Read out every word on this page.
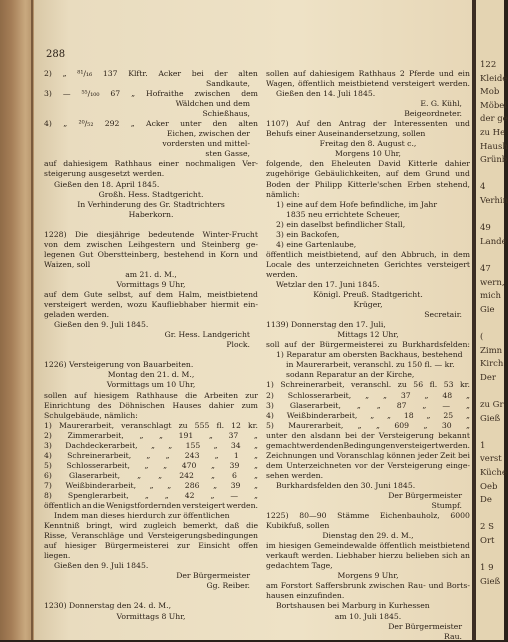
122
Kleide
Mob
Möbel
der ge
zu He
Haush
Grünb
4
Verhin
49
Lande
47
wern,
mich
Gie
(
Zimn
Kirch
Der
zu Gr
Gieß
1
verst
Küche
Oeb
De
2 S
Ort
1 9
Gieß
288
2) „ ⁸¹/₁₆ 137 Klftr. Acker bei der alten
Sandkaute,
3) — ⁵⁵/₁₀₀ 67 „ Hofraithe zwischen dem
Wäldchen und dem
Schießhaus,
4) „ ²⁰/₅₂ 292 „ Acker unter den alten
Eichen, zwischen der
vordersten und mittel-
sten Gasse,
auf dahiesigem Rathhaus einer nochmaligen Ver-
steigerung ausgesetzt werden.
Gießen den 18. April 1845.
Großh. Hess. Stadtgericht.
In Verhinderung des Gr. Stadtrichters
Haberkorn.
1228) Die diesjährige bedeutende Winter-Frucht
von dem zwischen Leihgestern und Steinberg ge-
legenen Gut Oberstteinberg, bestehend in Korn und
Waizen, soll
am 21. d. M.,
Vormittags 9 Uhr,
auf dem Gute selbst, auf dem Halm, meistbietend
versteigert werden, wozu Kaufliebhaber hiermit ein-
geladen werden.
Gießen den 9. Juli 1845.
Gr. Hess. Landgericht
Plock.
1226) Versteigerung von Bauarbeiten.
Montag den 21. d. M.,
Vormittags um 10 Uhr,
sollen auf hiesigem Rathhause die Arbeiten zur
Einrichtung des Döhnischen Hauses dahier zum
Schulgebäude, nämlich:
1) Maurerarbeit, veranschlagt zu 555 fl. 12 kr.
2) Zimmerarbeit, „ „ 191 „ 37 „
3) Dachdeckerarbeit, „ „ 155 „ 34 „
4) Schreinerarbeit, „ „ 243 „ 1 „
5) Schlosserarbeit, „ „ 470 „ 39 „
6) Glaserarbeit, „ „ 242 „ 6 „
7) Weißbinderarbeit, „ „ 286 „ 39 „
8) Spenglerarbeit, „ „ 42 „ — „
öffentlich an die Wenigstfordernden versteigert werden.
Indem man dieses hierdurch zur öffentlichen
Kenntniß bringt, wird zugleich bemerkt, daß die
Risse, Veranschläge und Versteigerungsbedingungen
auf hiesiger Bürgermeisterei zur Einsicht offen
liegen.
Gießen den 9. Juli 1845.
Der Bürgermeister
Gg. Reiber.
1230) Donnerstag den 24. d. M.,
Vormittags 8 Uhr,
sollen auf dahiesigem Rathhaus 2 Pferde und ein
Wagen, öffentlich meistbietend versteigert werden.
Gießen den 14. Juli 1845.
E. G. Kühl,
Beigeordneter.
1107) Auf den Antrag der Interessenten und
Behufs einer Auseinandersetzung, sollen
Freitag den 8. August c.,
Morgens 10 Uhr,
folgende, den Eheleuten David Kitterle dahier
zugehörige Gebäulichkeiten, auf dem Grund und
Boden der Philipp Kitterle'schen Erben stehend,
nämlich:
1) eine auf dem Hofe befindliche, im Jahr
1835 neu errichtete Scheuer,
2) ein daselbst befindlicher Stall,
3) ein Backofen,
4) eine Gartenlaube,
öffentlich meistbietend, auf den Abbruch, in dem
Locale des unterzeichneten Gerichtes versteigert
werden.
Wetzlar den 17. Juni 1845.
Königl. Preuß. Stadtgericht.
Krüger,
Secretair.
1139) Donnerstag den 17. Juli,
Mittags 12 Uhr,
soll auf der Bürgermeisterei zu Burkhardsfelden:
1) Reparatur am obersten Backhaus, bestehend
in Maurerarbeit, veranschl. zu 150 fl. — kr.
sodann Reparatur an der Kirche,
1) Schreinerarbeit, veranschl. zu 56 fl. 53 kr.
2) Schlosserarbeit, „ „ 37 „ 48 „
3) Glaserarbeit, „ „ 87 „ — „
4) Weißbinderarbeit, „ „ 18 „ 25 „
5) Maurerarbeit, „ „ 609 „ 30 „
unter den alsdann bei der Versteigerung bekannt
gemacht werdenden Bedingungen versteigert werden.
Zeichnungen und Voranschlag können jeder Zeit bei
dem Unterzeichneten vor der Versteigerung einge-
sehen werden.
Burkhardsfelden den 30. Juni 1845.
Der Bürgermeister
Stumpf.
1225) 80—90 Stämme Eichenbauholz, 6000
Kubikfuß, sollen
Dienstag den 29. d. M.,
im hiesigen Gemeindewalde öffentlich meistbietend
verkauft werden. Liebhaber hierzu belieben sich an
gedachtem Tage,
Morgens 9 Uhr,
am Forstort Saffersbrunk zwischen Rau- und Borts-
hausen einzufinden.
Bortshausen bei Marburg in Kurhessen
am 10. Juli 1845.
Der Bürgermeister
Rau.
